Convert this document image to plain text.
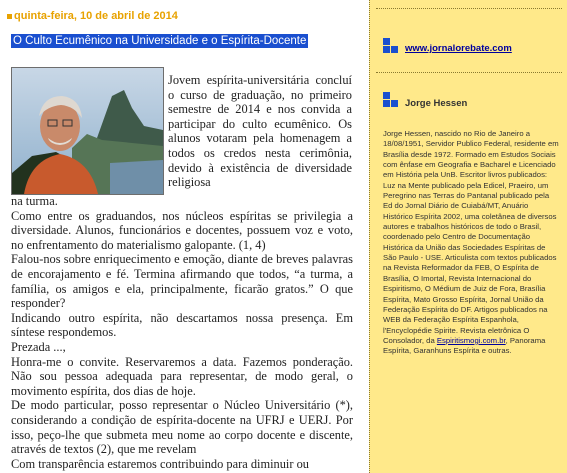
quinta-feira, 10 de abril de 2014
O Culto Ecumênico na Universidade e o Espírita-Docente
Jovem espírita-universitária concluí o curso de graduação, no primeiro semestre de 2014 e nos convida a participar do culto ecumênico. Os alunos votaram pela homenagem a todos os credos nesta cerimônia, devido à existência de diversidade religiosa

na turma.

Como entre os graduandos, nos núcleos espíritas se privilegia a diversidade. Alunos, funcionários e docentes, possuem voz e voto, no enfrentamento do materialismo galopante. (1, 4)

Falou-nos sobre enriquecimento e emoção, diante de breves palavras de encorajamento e fé. Termina afirmando que todos, “a turma, a família, os amigos e ela, principalmente, ficarão gratos.” O que responder?

Indicando outro espírita, não descartamos nossa presença. Em síntese respondemos.

Prezada ...,

Honra-me o convite. Reservaremos a data. Fazemos ponderação. Não sou pessoa adequada para representar, de modo geral, o movimento espírita, dos dias de hoje.

De modo particular, posso representar o Núcleo Universitário (*), considerando a condição de espírita-docente na UFRJ e UERJ. Por isso, peço-lhe que submeta meu nome ao corpo docente e discente, através de textos (2), que me revelam

Com transparência estaremos contribuindo para diminuir ou

www.jornalorebate.com
Jorge Hessen
Jorge Hessen, nascido no Rio de Janeiro a 18/08/1951, Servidor Publico Federal, residente em Brasília desde 1972. Formado em Estudos Sociais com ênfase em Geografia e Bacharel e Licenciado em História pela UnB. Escritor livros publicados: Luz na Mente publicado pela Edicel, Praeiro, um Peregrino nas Terras do Pantanal publicado pela Ed do Jornal Diário de Cuiabá/MT, Anuário Histórico Espírita 2002, uma coletânea de diversos autores e trabalhos históricos de todo o Brasil, coordenado pelo Centro de Documentação Histórica da União das Sociedades Espíritas de São Paulo - USE. Articulista com textos publicados na Revista Reformador da FEB, O Espírita de Brasília, O Imortal, Revista Internacional do Espiritismo, O Médium de Juiz de Fora, Brasília Espírita, Mato Grosso Espírita, Jornal União da Federação Espírita do DF. Artigos publicados na WEB da Federação Espírita Espanhola, l'Encyclopédie Spirite. Revista eletrônica O Consolador, da Espiritismogi.com.br, Panorama Espírita, Garanhuns Espírita e outras.
